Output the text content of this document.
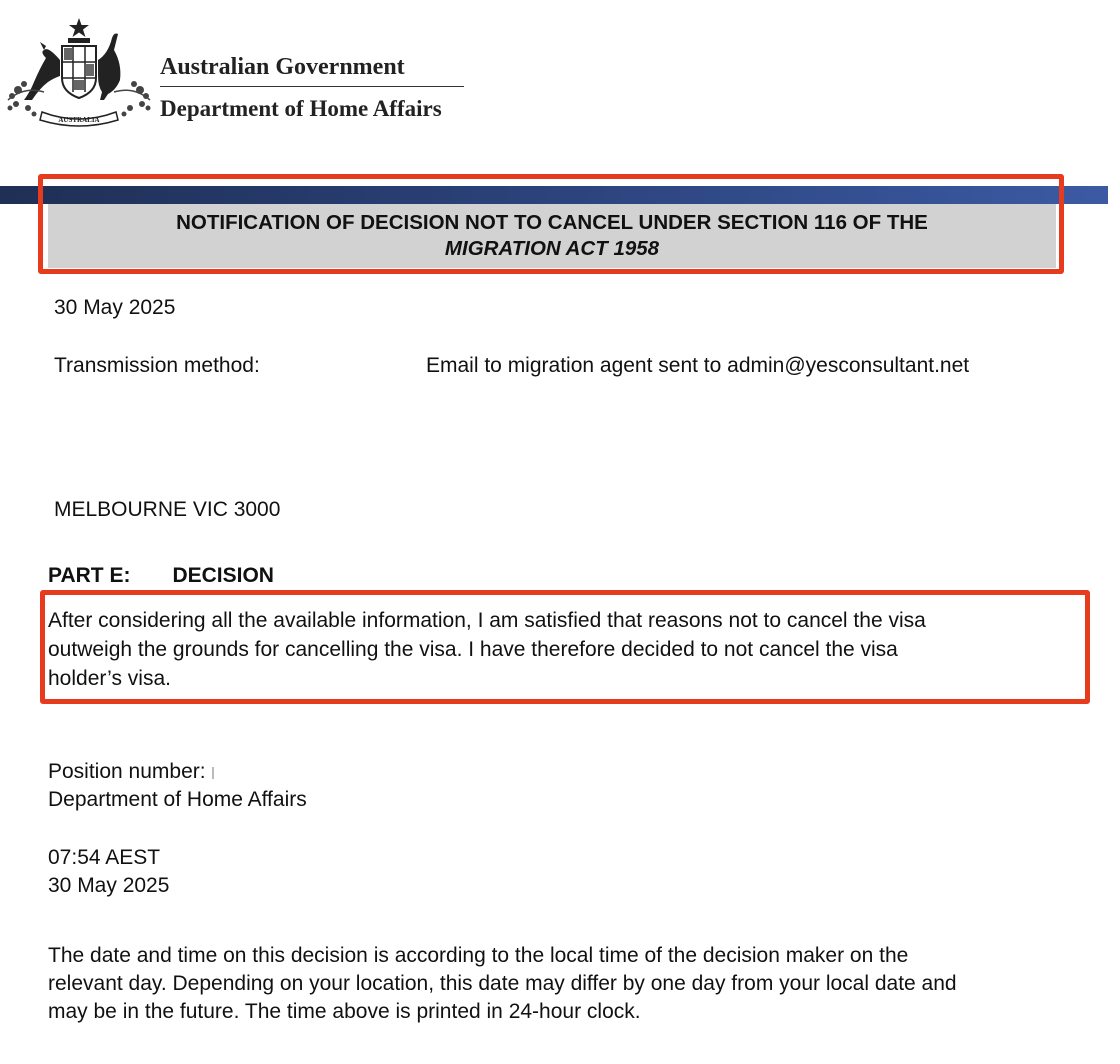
AUSTRALIA
Australian Government
Department of Home Affairs
NOTIFICATION OF DECISION NOT TO CANCEL UNDER SECTION 116 OF THE
MIGRATION ACT 1958
30 May 2025
Transmission method:	Email to migration agent sent to admin@yesconsultant.net
MELBOURNE VIC 3000
PART E: DECISION
After considering all the available information, I am satisfied that reasons not to cancel the visa
outweigh the grounds for cancelling the visa. I have therefore decided to not cancel the visa
holder’s visa.
Position number:
Department of Home Affairs
07:54 AEST
30 May 2025
The date and time on this decision is according to the local time of the decision maker on the
relevant day. Depending on your location, this date may differ by one day from your local date and
may be in the future. The time above is printed in 24-hour clock.
